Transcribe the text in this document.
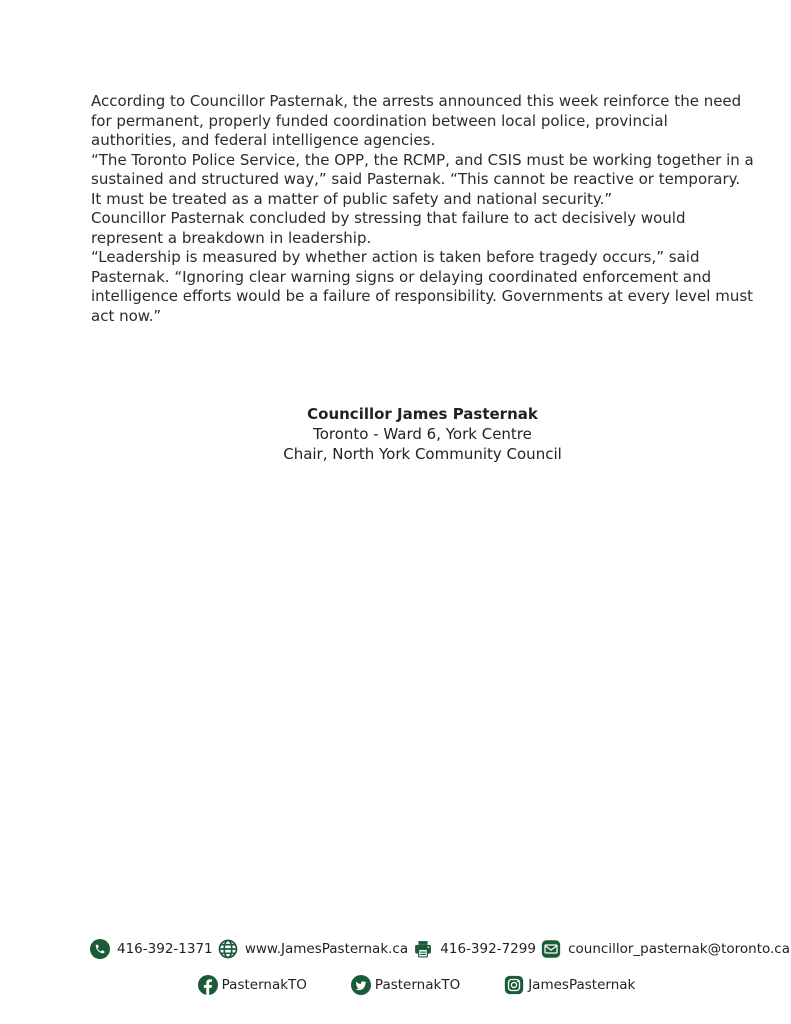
According to Councillor Pasternak, the arrests announced this week reinforce the need for permanent, properly funded coordination between local police, provincial authorities, and federal intelligence agencies.

“The Toronto Police Service, the OPP, the RCMP, and CSIS must be working together in a sustained and structured way,” said Pasternak. “This cannot be reactive or temporary. It must be treated as a matter of public safety and national security.”

Councillor Pasternak concluded by stressing that failure to act decisively would represent a breakdown in leadership.

“Leadership is measured by whether action is taken before tragedy occurs,” said Pasternak. “Ignoring clear warning signs or delaying coordinated enforcement and intelligence efforts would be a failure of responsibility. Governments at every level must act now.”

Councillor James Pasternak
Toronto - Ward 6, York Centre
Chair, North York Community Council
416-392-1371 www.JamesPasternak.ca 416-392-7299 councillor_pasternak@toronto.ca
PasternakTO	PasternakTO	JamesPasternak
